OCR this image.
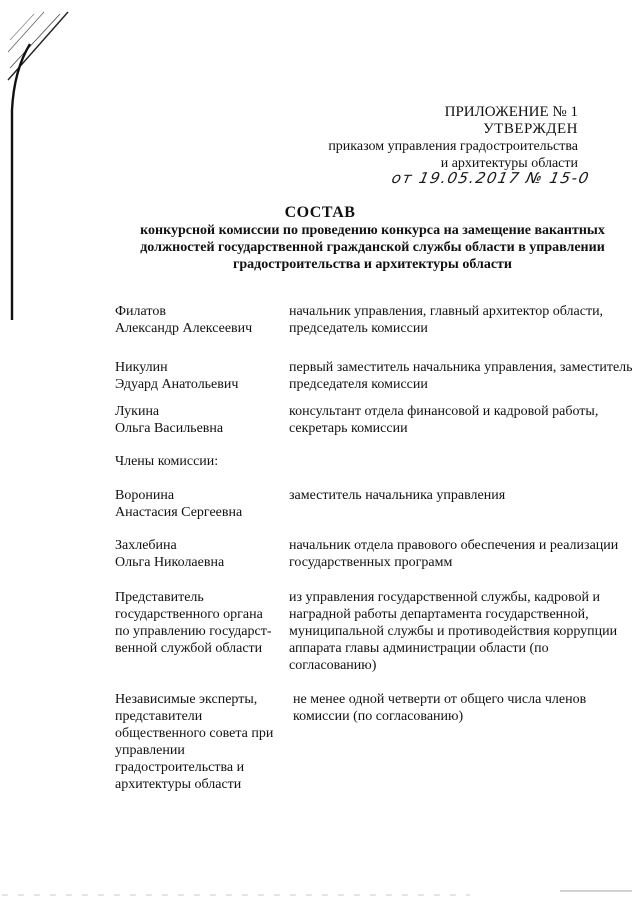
ПРИЛОЖЕНИЕ № 1
УТВЕРЖДЕН
приказом управления градостроительства
и архитектуры области
от 19.05.2017 № 15-0
СОСТАВ
конкурсной комиссии по проведению конкурса на замещение вакантных должностей государственной гражданской службы области в управлении градостроительства и архитектуры области
Филатов
Александр Алексеевич
начальник управления, главный архитектор области, председатель комиссии
Никулин
Эдуард Анатольевич
первый заместитель начальника управления, заместитель председателя комиссии
Лукина
Ольга Васильевна
консультант отдела финансовой и кадровой работы, секретарь комиссии
Члены комиссии:
Воронина
Анастасия Сергеевна
заместитель начальника управления
Захлебина
Ольга Николаевна
начальник отдела правового обеспечения и реализации государственных программ
Представитель
государственного органа
по управлению государст-
венной службой области
из управления государственной службы, кадровой и наградной работы департамента государственной, муниципальной службы и противодействия коррупции аппарата главы администрации области (по согласованию)
Независимые эксперты,
представители
общественного совета при
управлении
градостроительства и
архитектуры области
не менее одной четверти от общего числа членов комиссии (по согласованию)
